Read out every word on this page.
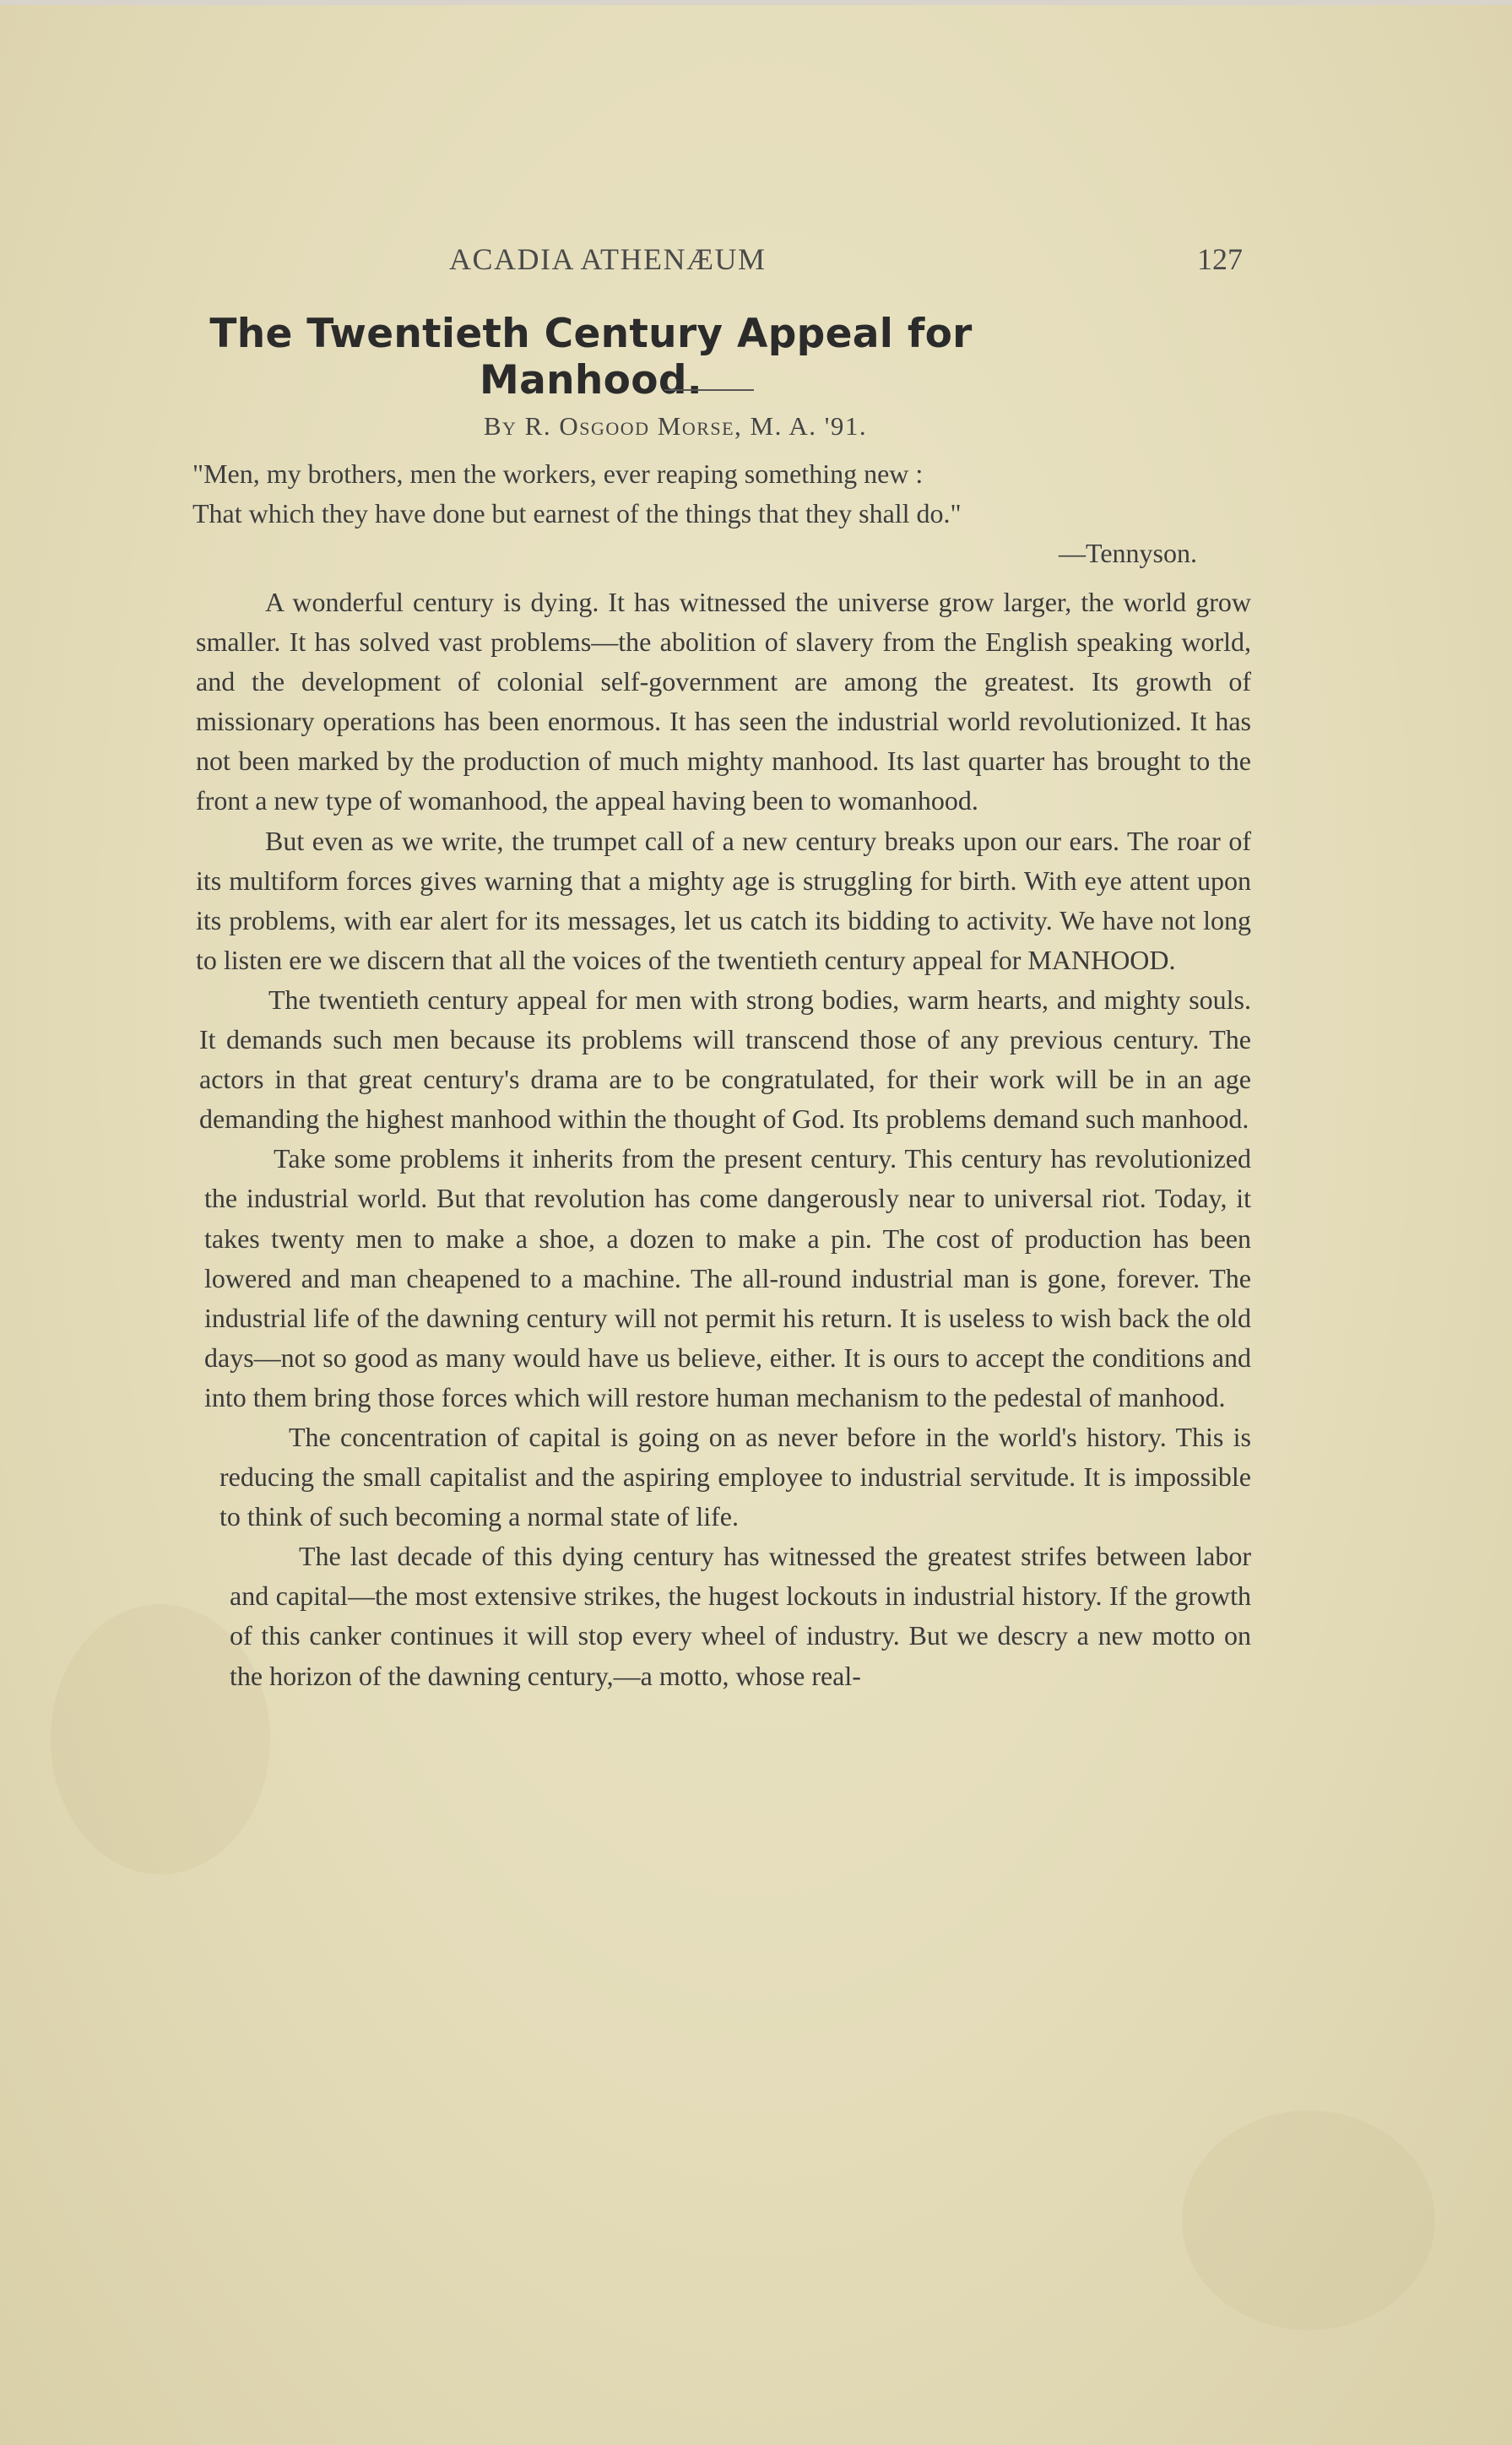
ACADIA ATHENÆUM	127
The Twentieth Century Appeal for Manhood.
By R. Osgood Morse, M. A. '91.
"Men, my brothers, men the workers, ever reaping something new :
That which they have done but earnest of the things that they shall do."
—Tennyson.

A wonderful century is dying. It has witnessed the universe grow larger, the world grow smaller. It has solved vast problems—the abolition of slavery from the English speaking world, and the development of colonial self-government are among the greatest. Its growth of missionary operations has been enormous. It has seen the industrial world revolutionized. It has not been marked by the production of much mighty manhood. Its last quarter has brought to the front a new type of womanhood, the appeal having been to womanhood.

But even as we write, the trumpet call of a new century breaks upon our ears. The roar of its multiform forces gives warning that a mighty age is struggling for birth. With eye attent upon its problems, with ear alert for its messages, let us catch its bidding to activity. We have not long to listen ere we discern that all the voices of the twentieth century appeal for MANHOOD.

The twentieth century appeal for men with strong bodies, warm hearts, and mighty souls. It demands such men because its problems will transcend those of any previous century. The actors in that great century's drama are to be congratulated, for their work will be in an age demanding the highest manhood within the thought of God. Its problems demand such manhood.

Take some problems it inherits from the present century. This century has revolutionized the industrial world. But that revolution has come dangerously near to universal riot. Today, it takes twenty men to make a shoe, a dozen to make a pin. The cost of production has been lowered and man cheapened to a machine. The all-round industrial man is gone, forever. The industrial life of the dawning century will not permit his return. It is useless to wish back the old days—not so good as many would have us believe, either. It is ours to accept the conditions and into them bring those forces which will restore human mechanism to the pedestal of manhood.

The concentration of capital is going on as never before in the world's history. This is reducing the small capitalist and the aspiring employee to industrial servitude. It is impossible to think of such becoming a normal state of life.

The last decade of this dying century has witnessed the greatest strifes between labor and capital—the most extensive strikes, the hugest lockouts in industrial history. If the growth of this canker continues it will stop every wheel of industry. But we descry a new motto on the horizon of the dawning century,—a motto, whose real-
